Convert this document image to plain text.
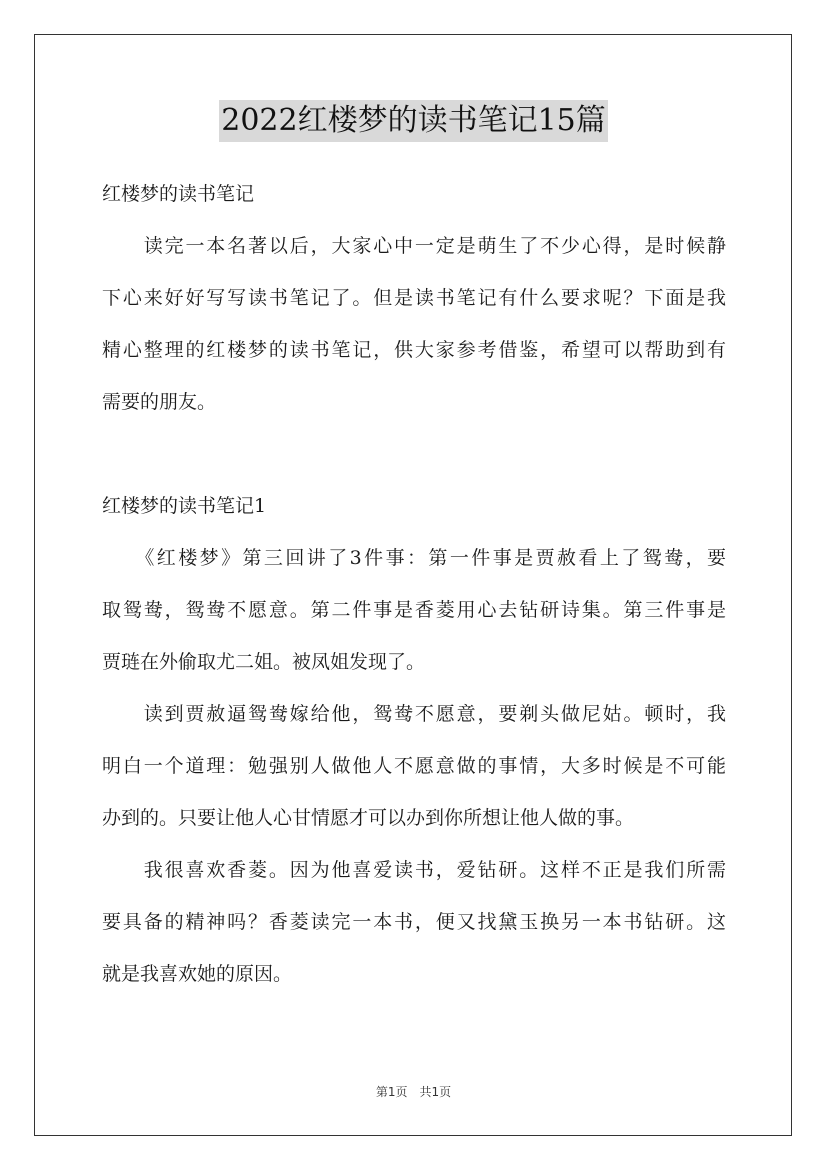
2022红楼梦的读书笔记15篇
红楼梦的读书笔记
　　读完一本名著以后，大家心中一定是萌生了不少心得，是时候静
下心来好好写写读书笔记了。但是读书笔记有什么要求呢？下面是我
精心整理的红楼梦的读书笔记，供大家参考借鉴，希望可以帮助到有
需要的朋友。
红楼梦的读书笔记1
　　《红楼梦》第三回讲了3件事：第一件事是贾赦看上了鸳鸯，要
取鸳鸯，鸳鸯不愿意。第二件事是香菱用心去钻研诗集。第三件事是
贾琏在外偷取尤二姐。被凤姐发现了。
　　读到贾赦逼鸳鸯嫁给他，鸳鸯不愿意，要剃头做尼姑。顿时，我
明白一个道理：勉强别人做他人不愿意做的事情，大多时候是不可能
办到的。只要让他人心甘情愿才可以办到你所想让他人做的事。
　　我很喜欢香菱。因为他喜爱读书，爱钻研。这样不正是我们所需
要具备的精神吗？香菱读完一本书，便又找黛玉换另一本书钻研。这
就是我喜欢她的原因。
第1页 共1页
